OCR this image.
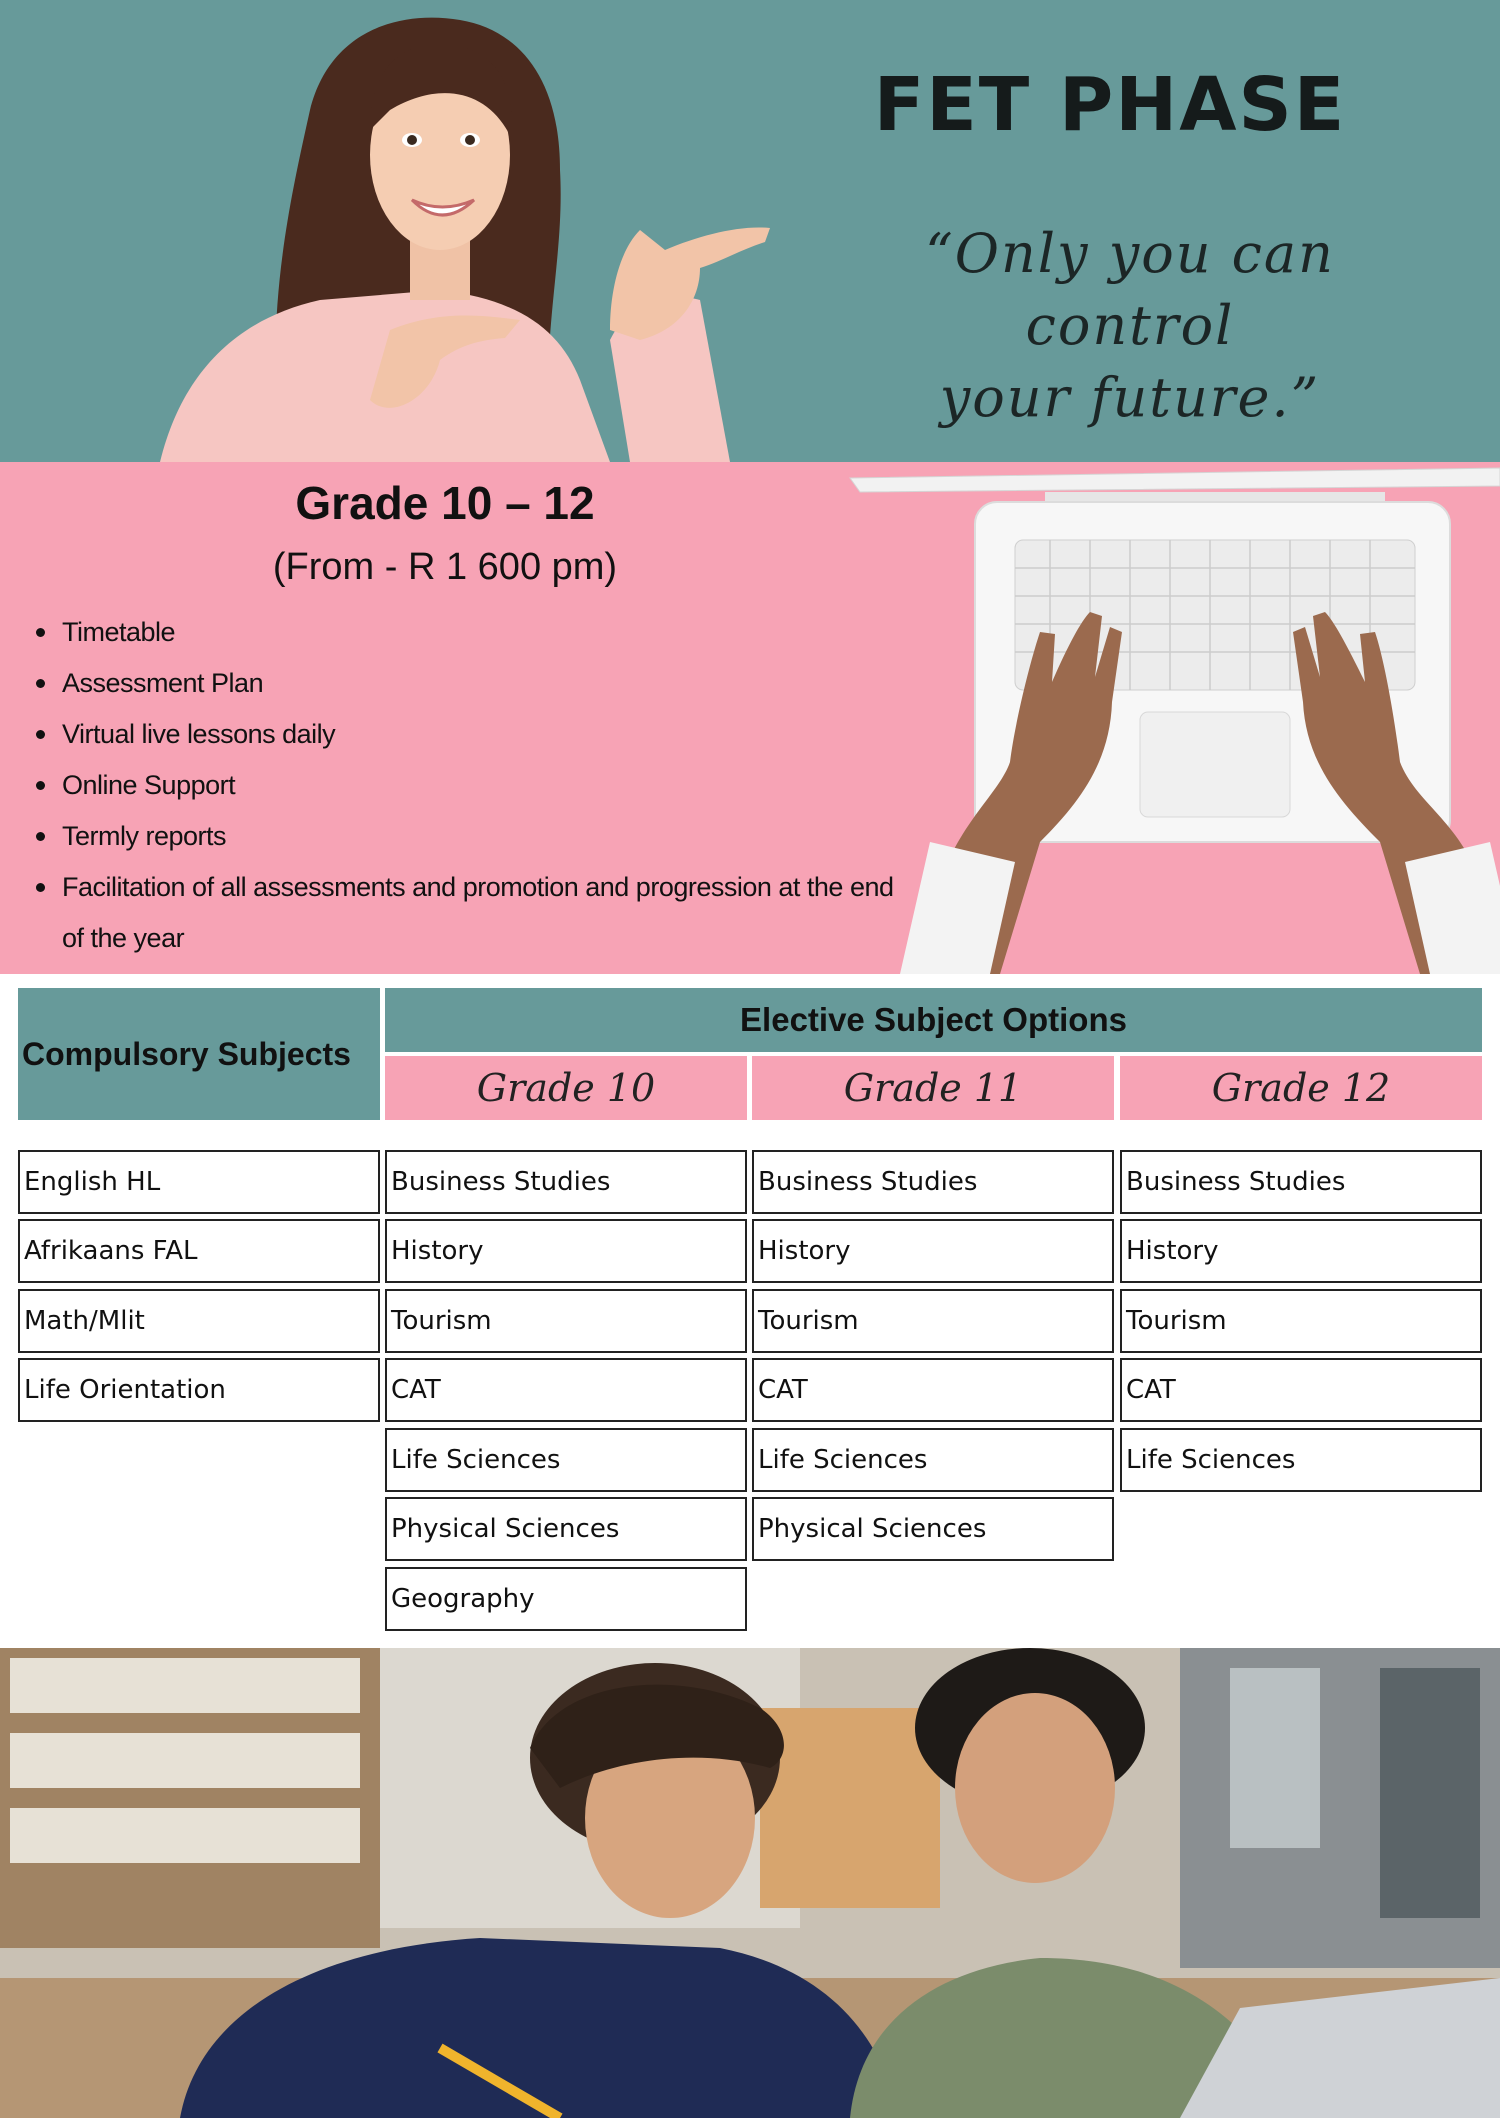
FET PHASE
“Only you can control
your future.”
Grade 10 – 12
(From - R 1 600 pm)
Timetable
Assessment Plan
Virtual live lessons daily
Online Support
Termly reports
Facilitation of all assessments and promotion and progression at the end of the year
Compulsory Subjects
Elective Subject Options
Grade 10	Grade 11	Grade 12
English HL
Afrikaans FAL
Math/Mlit
Life Orientation
Business Studies
History
Tourism
CAT
Life Sciences
Physical Sciences
Geography
Business Studies
History
Tourism
CAT
Life Sciences
Physical Sciences
Business Studies
History
Tourism
CAT
Life Sciences
